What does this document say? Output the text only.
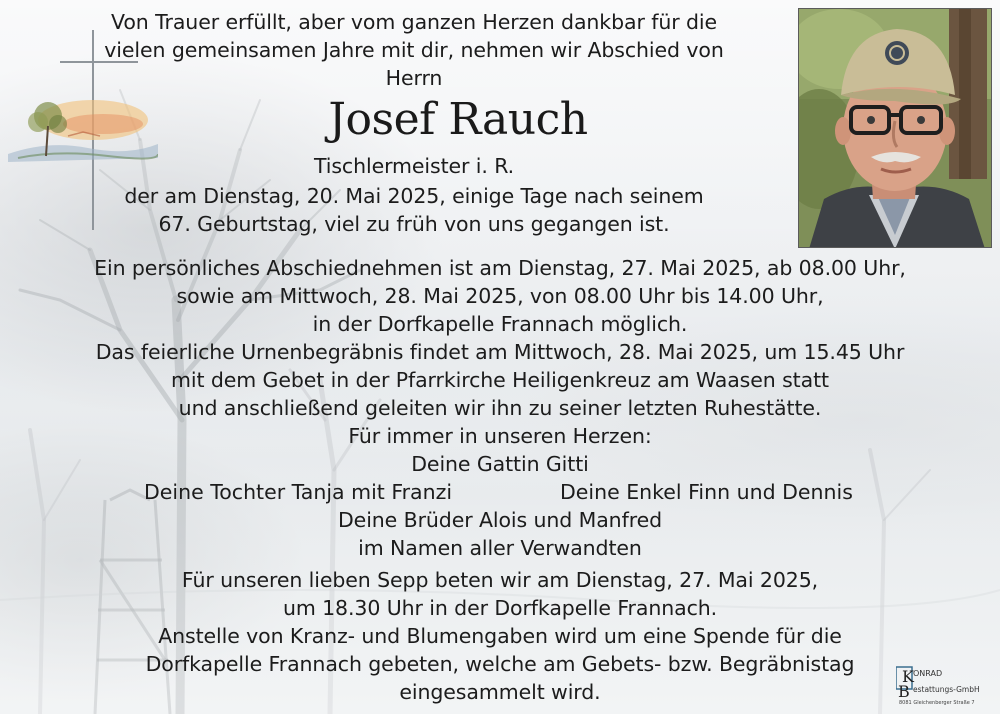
Von Trauer erfüllt, aber vom ganzen Herzen dankbar für die
vielen gemeinsamen Jahre mit dir, nehmen wir Abschied von
Herrn
Josef Rauch
Tischlermeister i. R.
der am Dienstag, 20. Mai 2025, einige Tage nach seinem
67. Geburtstag, viel zu früh von uns gegangen ist.
Ein persönliches Abschiednehmen ist am Dienstag, 27. Mai 2025, ab 08.00 Uhr,
sowie am Mittwoch, 28. Mai 2025, von 08.00 Uhr bis 14.00 Uhr,
in der Dorfkapelle Frannach möglich.
Das feierliche Urnenbegräbnis findet am Mittwoch, 28. Mai 2025, um 15.45 Uhr
mit dem Gebet in der Pfarrkirche Heiligenkreuz am Waasen statt
und anschließend geleiten wir ihn zu seiner letzten Ruhestätte.
Für immer in unseren Herzen:
Deine Gattin Gitti
Deine Tochter Tanja mit Franzi	Deine Enkel Finn und Dennis
Deine Brüder Alois und Manfred
im Namen aller Verwandten
Für unseren lieben Sepp beten wir am Dienstag, 27. Mai 2025,
um 18.30 Uhr in der Dorfkapelle Frannach.
Anstelle von Kranz- und Blumengaben wird um eine Spende für die
Dorfkapelle Frannach gebeten, welche am Gebets- bzw. Begräbnistag
eingesammelt wird.
K
B
ONRAD
estattungs-GmbH
8081 Gleichenberger Straße 7
